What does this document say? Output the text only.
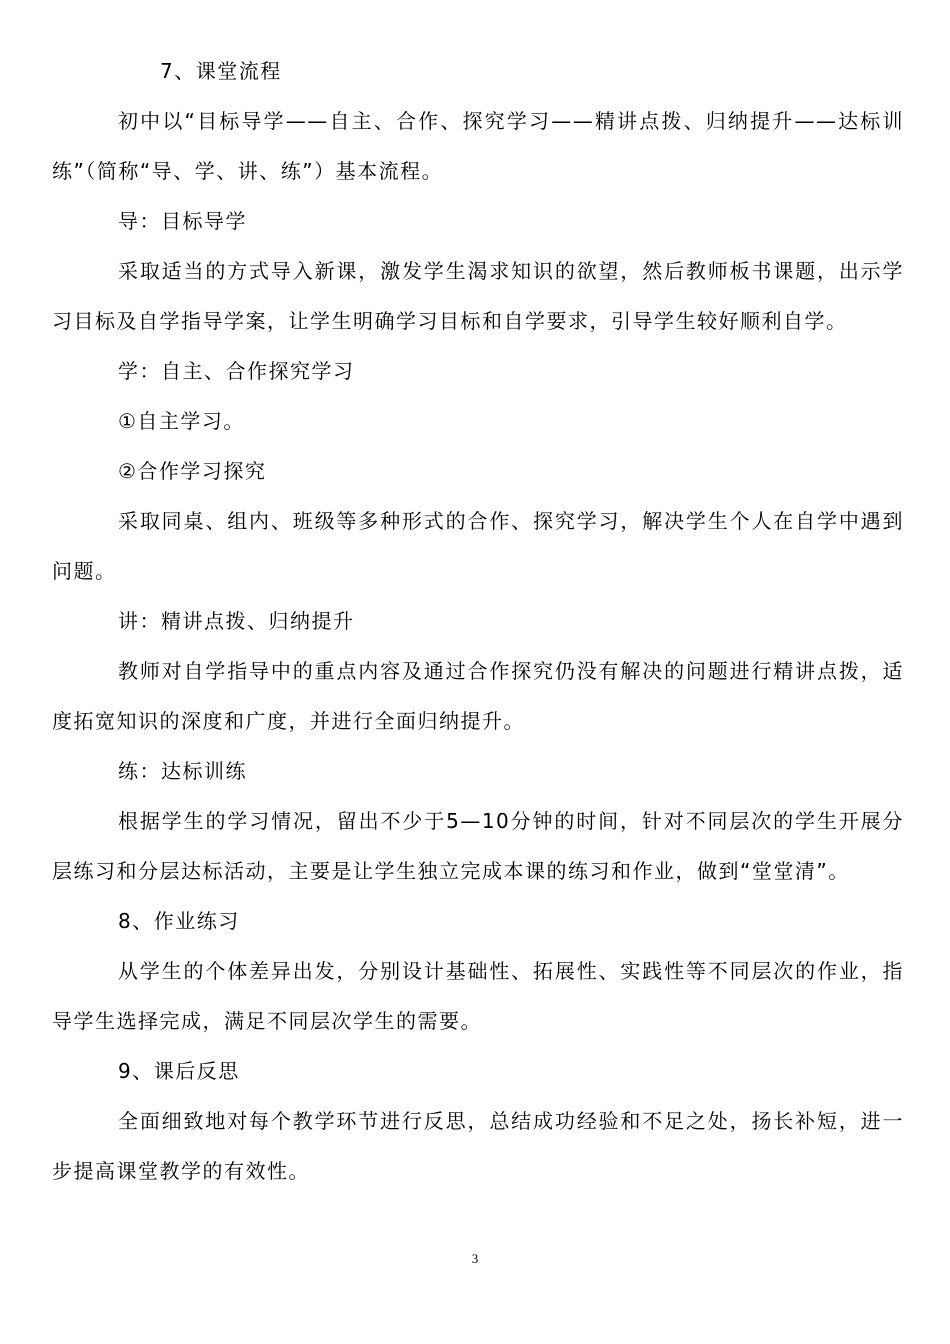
7、课堂流程

初中以“目标导学——自主、合作、探究学习——精讲点拨、归纳提升——达标训练”（简称“导、学、讲、练”）基本流程。

导：目标导学

采取适当的方式导入新课，激发学生渴求知识的欲望，然后教师板书课题，出示学习目标及自学指导学案，让学生明确学习目标和自学要求，引导学生较好顺利自学。

学：自主、合作探究学习

①自主学习。

②合作学习探究

采取同桌、组内、班级等多种形式的合作、探究学习，解决学生个人在自学中遇到问题。

讲：精讲点拨、归纳提升

教师对自学指导中的重点内容及通过合作探究仍没有解决的问题进行精讲点拨，适度拓宽知识的深度和广度，并进行全面归纳提升。

练：达标训练

根据学生的学习情况，留出不少于5—10分钟的时间，针对不同层次的学生开展分层练习和分层达标活动，主要是让学生独立完成本课的练习和作业，做到“堂堂清”。

8、作业练习

从学生的个体差异出发，分别设计基础性、拓展性、实践性等不同层次的作业，指导学生选择完成，满足不同层次学生的需要。

9、课后反思

全面细致地对每个教学环节进行反思，总结成功经验和不足之处，扬长补短，进一步提高课堂教学的有效性。

3
